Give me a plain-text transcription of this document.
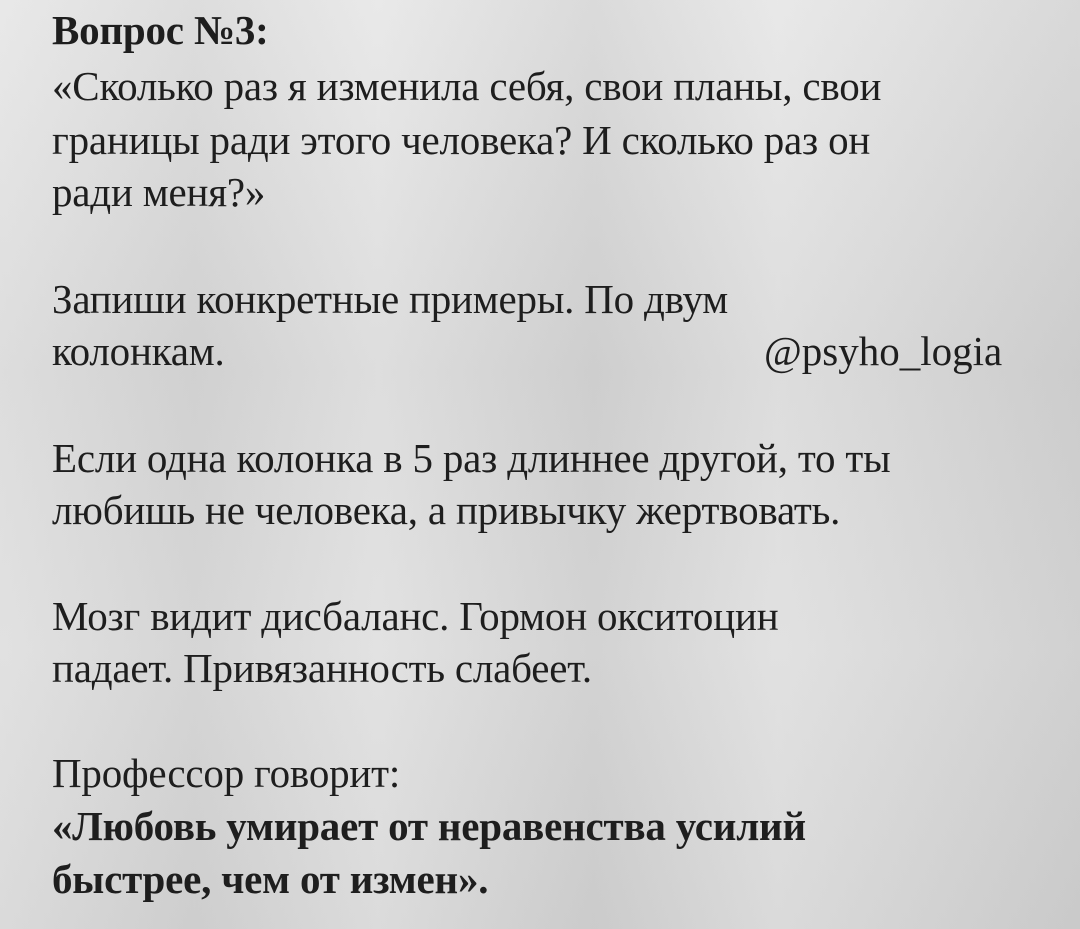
Вопрос №3:
«Сколько раз я изменила себя, свои планы, свои
границы ради этого человека? И сколько раз он
ради меня?»
Запиши конкретные примеры. По двум
колонкам.	@psyho_logia
Если одна колонка в 5 раз длиннее другой, то ты
любишь не человека, а привычку жертвовать.
Мозг видит дисбаланс. Гормон окситоцин
падает. Привязанность слабеет.
Профессор говорит:
«Любовь умирает от неравенства усилий
быстрее, чем от измен».
